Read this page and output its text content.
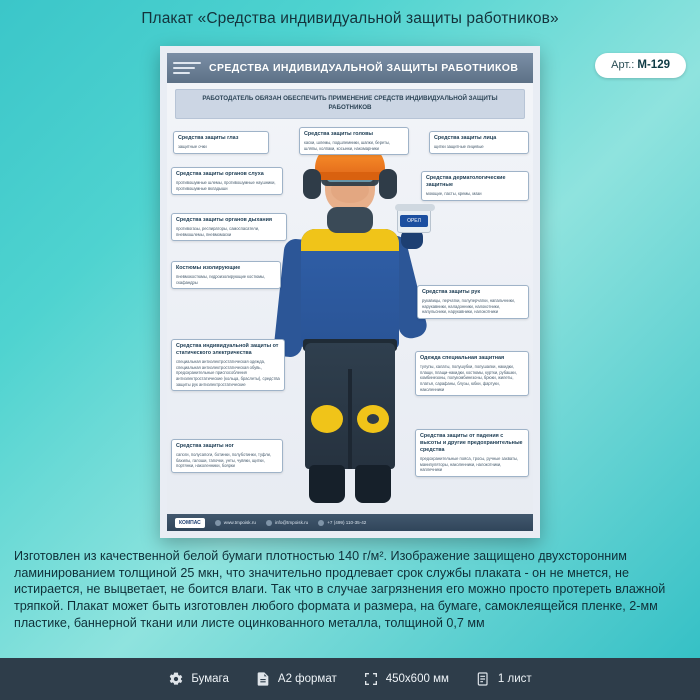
Плакат «Средства индивидуальной защиты работников»
Арт.: М-129
СРЕДСТВА ИНДИВИДУАЛЬНОЙ ЗАЩИТЫ РАБОТНИКОВ
РАБОТОДАТЕЛЬ ОБЯЗАН ОБЕСПЕЧИТЬ ПРИМЕНЕНИЕ СРЕДСТВ ИНДИВИДУАЛЬНОЙ ЗАЩИТЫ РАБОТНИКОВ
ОРЕЛ
Средства защиты глаз
защитные очки
Средства защиты головы
каски, шлемы, подшлемники, шапки, береты, шляпы, колпаки, косынки, накомарники
Средства защиты лица
щитки защитные лицевые
Средства защиты органов слуха
противошумные шлемы, противошумные наушники, противошумные вкладыши
Средства дерматологические защитные
моющие, пасты, кремы, мази
Средства защиты органов дыхания
противогазы, респираторы, самоспасатели, пневмошлемы, пневмомаски
Костюмы изолирующие
пневмокостюмы, гидроизолирующие костюмы, скафандры
Средства защиты рук
рукавицы, перчатки, полуперчатки, напальчники, нарукавники, наладонники, налокотники, напульсники, нарукавники, налокотники
Средства индивидуальной защиты от статического электричества
специальная антиэлектростатическая одежда, специальная антиэлектростатическая обувь, предохранительные приспособления антиэлектростатические (кольца, браслеты), средства защиты рук антиэлектростатические
Одежда специальная защитная
тулупы, халаты, полушубки, полушалки, накидки, плащи, плащи-накидки, костюмы, куртки, рубашки, комбинезоны, полукомбинезоны, брюки, жилеты, платья, сарафаны, блузы, юбки, фартуки, наколенники
Средства защиты ног
сапоги, полусапоги, ботинки, полуботинки, туфли, бахилы, галоши, тапочки, унты, чувяки, щитки, портянки, наколенники, боярки
Средства защиты от падения с высоты и другие предохранительные средства
предохранительные пояса, тросы, ручные захваты, манипуляторы, наколенники, налокотники, наплечники
КОМПАС	www.tmpoisk.ru	info@tmpoisk.ru	+7 (499) 110-35-42
Изготовлен из качественной белой бумаги плотностью 140 г/м². Изображение защищено двухсторонним ламинированием толщиной 25 мкн, что значительно продлевает срок службы плаката - он не мнется, не истирается, не выцветает, не боится влаги. Так что в случае загрязнения его можно просто протереть влажной тряпкой. Плакат может быть изготовлен любого формата и размера, на бумаге, самоклеящейся пленке, 2-мм пластике, баннерной ткани или листе оцинкованного металла, толщиной 0,7 мм
Бумага	А2 формат	450x600 мм	1 лист
